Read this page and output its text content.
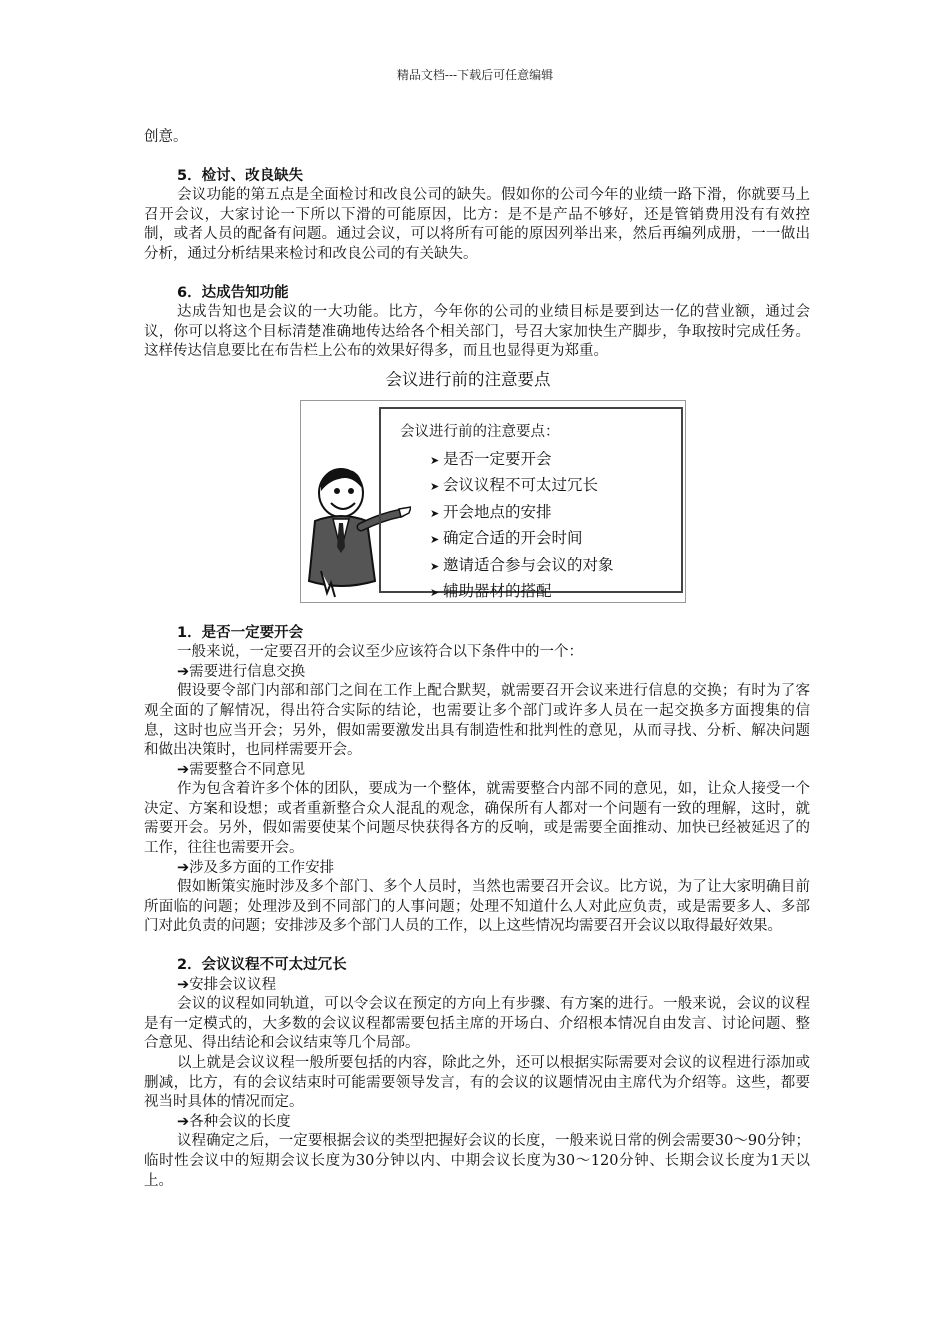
精品文档---下载后可任意编辑

创意。

5．检讨、改良缺失

会议功能的第五点是全面检讨和改良公司的缺失。假如你的公司今年的业绩一路下滑，你就要马上召开会议，大家讨论一下所以下滑的可能原因，比方：是不是产品不够好，还是管销费用没有有效控制，或者人员的配备有问题。通过会议，可以将所有可能的原因列举出来，然后再编列成册，一一做出分析，通过分析结果来检讨和改良公司的有关缺失。

6．达成告知功能

达成告知也是会议的一大功能。比方，今年你的公司的业绩目标是要到达一亿的营业额，通过会议，你可以将这个目标清楚准确地传达给各个相关部门，号召大家加快生产脚步，争取按时完成任务。这样传达信息要比在布告栏上公布的效果好得多，而且也显得更为郑重。

会议进行前的注意要点
会议进行前的注意要点：
➤ 是否一定要开会
➤ 会议议程不可太过冗长
➤ 开会地点的安排
➤ 确定合适的开会时间
➤ 邀请适合参与会议的对象
➤ 辅助器材的搭配

1．是否一定要开会

一般来说，一定要召开的会议至少应该符合以下条件中的一个：

➔需要进行信息交换

假设要令部门内部和部门之间在工作上配合默契，就需要召开会议来进行信息的交换；有时为了客观全面的了解情况，得出符合实际的结论，也需要让多个部门或许多人员在一起交换多方面搜集的信息，这时也应当开会；另外，假如需要激发出具有制造性和批判性的意见，从而寻找、分析、解决问题和做出决策时，也同样需要开会。

➔需要整合不同意见

作为包含着许多个体的团队，要成为一个整体，就需要整合内部不同的意见，如，让众人接受一个决定、方案和设想；或者重新整合众人混乱的观念，确保所有人都对一个问题有一致的理解，这时，就需要开会。另外，假如需要使某个问题尽快获得各方的反响，或是需要全面推动、加快已经被延迟了的工作，往往也需要开会。

➔涉及多方面的工作安排

假如断策实施时涉及多个部门、多个人员时，当然也需要召开会议。比方说，为了让大家明确目前所面临的问题；处理涉及到不同部门的人事问题；处理不知道什么人对此应负责，或是需要多人、多部门对此负责的问题；安排涉及多个部门人员的工作，以上这些情况均需要召开会议以取得最好效果。

2．会议议程不可太过冗长

➔安排会议议程

会议的议程如同轨道，可以令会议在预定的方向上有步骤、有方案的进行。一般来说，会议的议程是有一定模式的，大多数的会议议程都需要包括主席的开场白、介绍根本情况自由发言、讨论问题、整合意见、得出结论和会议结束等几个局部。

以上就是会议议程一般所要包括的内容，除此之外，还可以根据实际需要对会议的议程进行添加或删减，比方，有的会议结束时可能需要领导发言，有的会议的议题情况由主席代为介绍等。这些，都要视当时具体的情况而定。

➔各种会议的长度

议程确定之后，一定要根据会议的类型把握好会议的长度，一般来说日常的例会需要30～90分钟；临时性会议中的短期会议长度为30分钟以内、中期会议长度为30～120分钟、长期会议长度为1天以上。
